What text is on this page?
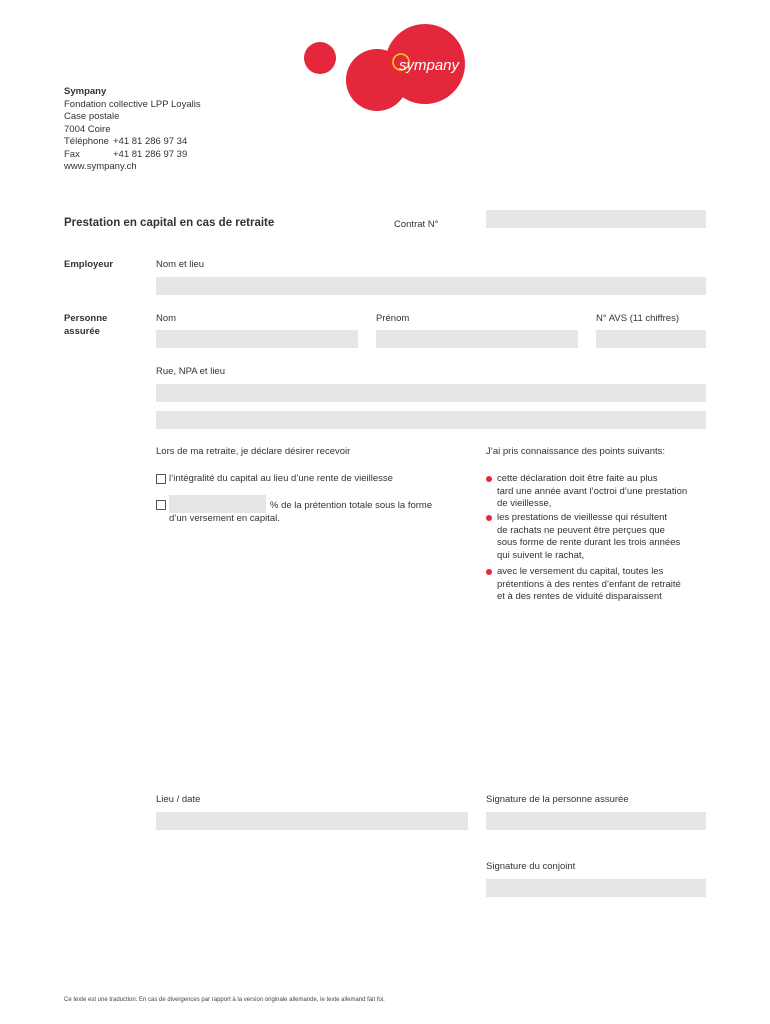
sympany
Sympany
Fondation collective LPP Loyalis
Case postale
7004 Coire
Téléphone +41 81 286 97 34
Fax	+41 81 286 97 39
www.sympany.ch
Prestation en capital en cas de retraite	Contrat N°
Employeur	Nom et lieu
Personne
assurée
Nom	Prénom	N° AVS (11 chiffres)
Rue, NPA et lieu
Lors de ma retraite, je déclare désirer recevoir
l’intégralité du capital au lieu d’une rente de vieillesse
% de la prétention totale sous la forme
d’un versement en capital.
J’ai pris connaissance des points suivants:
cette déclaration doit être faite au plus
tard une année avant l’octroi d’une prestation
de vieillesse,
les prestations de vieillesse qui résultent
de rachats ne peuvent être perçues que
sous forme de rente durant les trois années
qui suivent le rachat,
avec le versement du capital, toutes les
prétentions à des rentes d’enfant de retraité
et à des rentes de viduité disparaissent
Lieu / date	Signature de la personne assurée
Signature du conjoint
Ce texte est une traduction. En cas de divergences par rapport à la version originale allemande, le texte allemand fait foi.
